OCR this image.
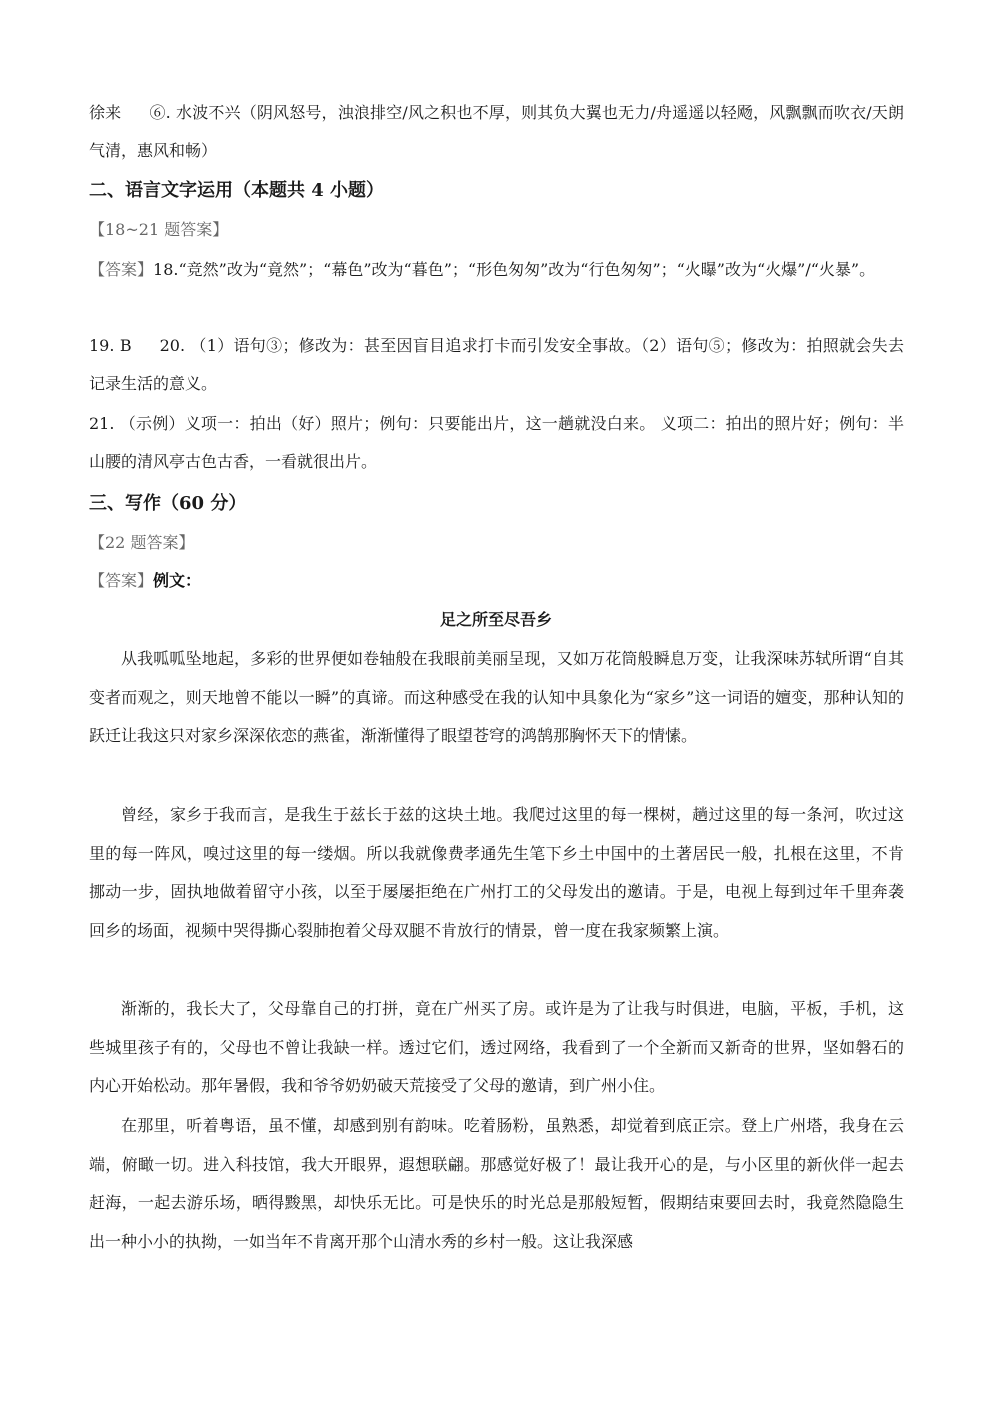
徐来 ⑥. 水波不兴（阴风怒号，浊浪排空/风之积也不厚，则其负大翼也无力/舟遥遥以轻飏，风飘飘而吹衣/天朗气清，惠风和畅）

二、语言文字运用（本题共 4 小题）
【18~21 题答案】

【答案】18.“竞然”改为“竟然”；“幕色”改为“暮色”；“形色匆匆”改为“行色匆匆”；“火曝”改为“火爆”/“火暴”。

19. B 20. （1）语句③；修改为：甚至因盲目追求打卡而引发安全事故。（2）语句⑤；修改为：拍照就会失去记录生活的意义。

21. （示例）义项一：拍出（好）照片；例句：只要能出片，这一趟就没白来。 义项二：拍出的照片好；例句：半山腰的清风亭古色古香，一看就很出片。

三、写作（60 分）
【22 题答案】
【答案】例文：
足之所至尽吾乡

从我呱呱坠地起，多彩的世界便如卷轴般在我眼前美丽呈现，又如万花筒般瞬息万变，让我深味苏轼所谓“自其变者而观之，则天地曾不能以一瞬”的真谛。而这种感受在我的认知中具象化为“家乡”这一词语的嬗变，那种认知的跃迁让我这只对家乡深深依恋的燕雀，渐渐懂得了眼望苍穹的鸿鹄那胸怀天下的情愫。

曾经，家乡于我而言，是我生于兹长于兹的这块土地。我爬过这里的每一棵树，趟过这里的每一条河，吹过这里的每一阵风，嗅过这里的每一缕烟。所以我就像费孝通先生笔下乡土中国中的土著居民一般，扎根在这里，不肯挪动一步，固执地做着留守小孩，以至于屡屡拒绝在广州打工的父母发出的邀请。于是，电视上每到过年千里奔袭回乡的场面，视频中哭得撕心裂肺抱着父母双腿不肯放行的情景，曾一度在我家频繁上演。

渐渐的，我长大了，父母靠自己的打拼，竟在广州买了房。或许是为了让我与时俱进，电脑，平板，手机，这些城里孩子有的，父母也不曾让我缺一样。透过它们，透过网络，我看到了一个全新而又新奇的世界，坚如磐石的内心开始松动。那年暑假，我和爷爷奶奶破天荒接受了父母的邀请，到广州小住。

在那里，听着粤语，虽不懂，却感到别有韵味。吃着肠粉，虽熟悉，却觉着到底正宗。登上广州塔，我身在云端，俯瞰一切。进入科技馆，我大开眼界，遐想联翩。那感觉好极了！最让我开心的是，与小区里的新伙伴一起去赶海，一起去游乐场，晒得黢黑，却快乐无比。可是快乐的时光总是那般短暂，假期结束要回去时，我竟然隐隐生出一种小小的执拗，一如当年不肯离开那个山清水秀的乡村一般。这让我深感
